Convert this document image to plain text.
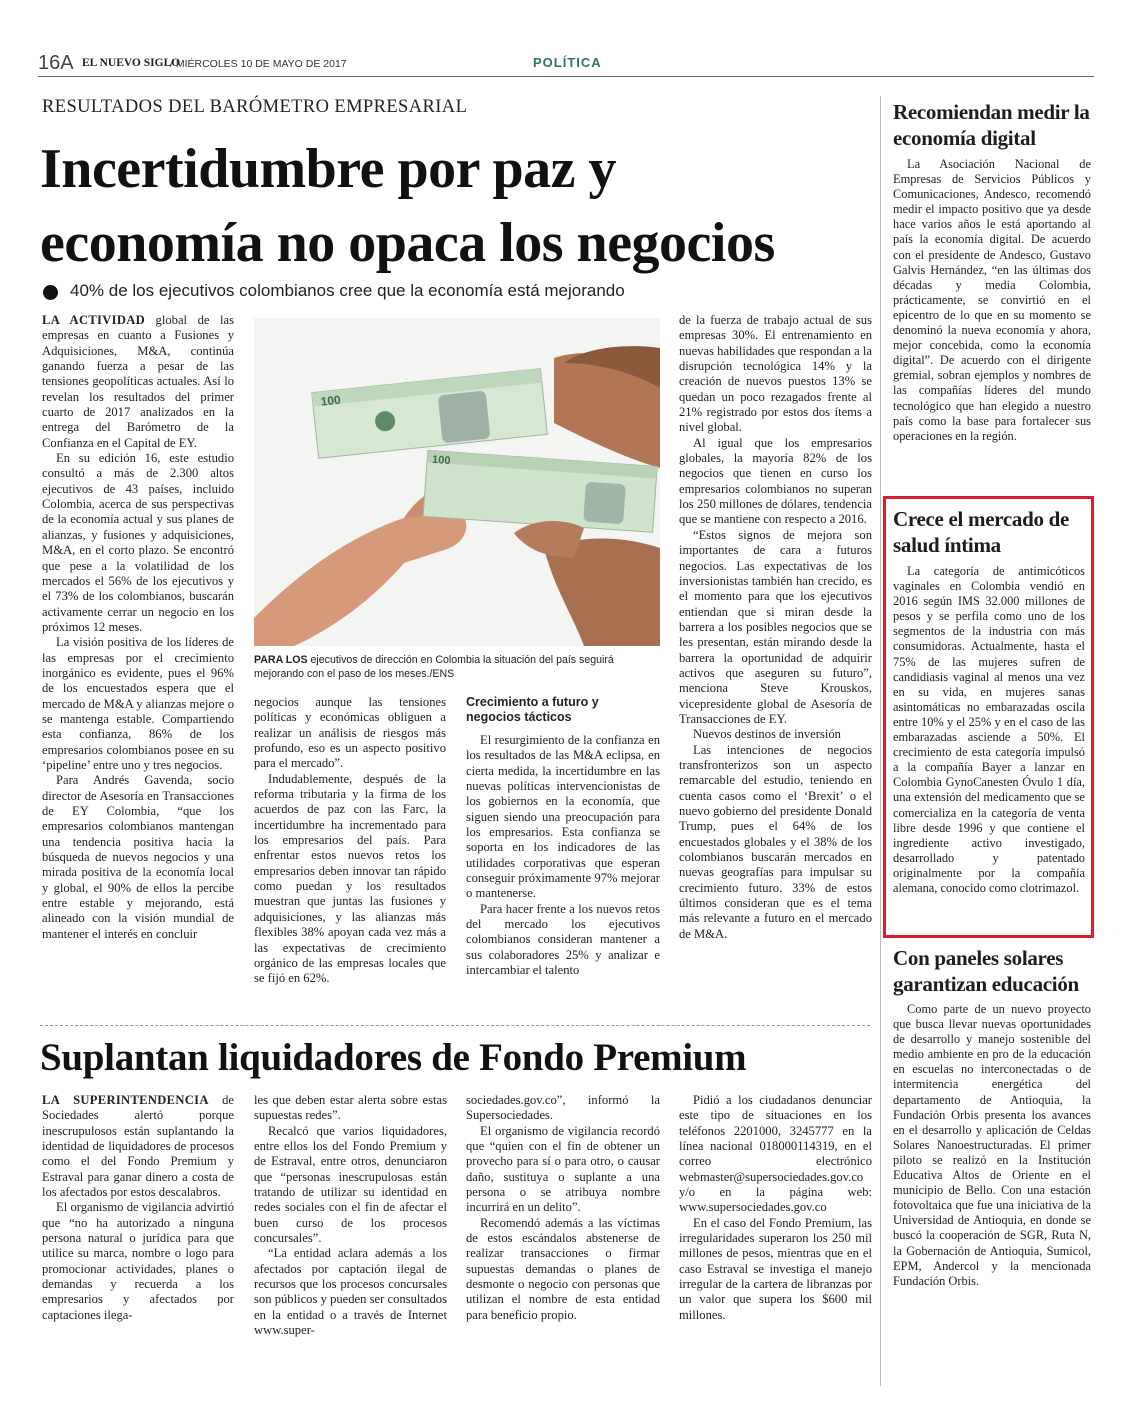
16A EL NUEVO SIGLO
/ MIÉRCOLES 10 DE MAYO DE 2017	POLÍTICA
RESULTADOS DEL BARÓMETRO EMPRESARIAL
Incertidumbre por paz y
economía no opaca los negocios
40% de los ejecutivos colombianos cree que la economía está mejorando

LA ACTIVIDAD global de las empresas en cuanto a Fusiones y Adquisiciones, M&A, continúa ganando fuerza a pesar de las tensiones geopolíticas actuales. Así lo revelan los resultados del primer cuarto de 2017 analizados en la entrega del Barómetro de la Confianza en el Capital de EY.

En su edición 16, este estudio consultó a más de 2.300 altos ejecutivos de 43 países, incluido Colombia, acerca de sus perspectivas de la economía actual y sus planes de alianzas, y fusiones y adquisiciones, M&A, en el corto plazo. Se encontró que pese a la volatilidad de los mercados el 56% de los ejecutivos y el 73% de los colombianos, buscarán activamente cerrar un negocio en los próximos 12 meses.

La visión positiva de los líderes de las empresas por el crecimiento inorgánico es evidente, pues el 96% de los encuestados espera que el mercado de M&A y alianzas mejore o se mantenga estable. Compartiendo esta confianza, 86% de los empresarios colombianos posee en su ‘pipeline’ entre uno y tres negocios.

Para Andrés Gavenda, socio director de Asesoría en Transacciones de EY Colombia, “que los empresarios colombianos mantengan una tendencia positiva hacia la búsqueda de nuevos negocios y una mirada positiva de la economía local y global, el 90% de ellos la percibe entre estable y mejorando, está alineado con la visión mundial de mantener el interés en concluir

100
100
PARA LOS ejecutivos de dirección en Colombia la situación del país seguirá mejorando con el paso de los meses./ENS

negocios aunque las tensiones políticas y económicas obliguen a realizar un análisis de riesgos más profundo, eso es un aspecto positivo para el mercado”.

Indudablemente, después de la reforma tributaria y la firma de los acuerdos de paz con las Farc, la incertidumbre ha incrementado para los empresarios del país. Para enfrentar estos nuevos retos los empresarios deben innovar tan rápido como puedan y los resultados muestran que juntas las fusiones y adquisiciones, y las alianzas más flexibles 38% apoyan cada vez más a las expectativas de crecimiento orgánico de las empresas locales que se fijó en 62%.

Crecimiento a futuro y negocios tácticos

El resurgimiento de la confianza en los resultados de las M&A eclipsa, en cierta medida, la incertidumbre en las nuevas políticas intervencionistas de los gobiernos en la economía, que siguen siendo una preocupación para los empresarios. Esta confianza se soporta en los indicadores de las utilidades corporativas que esperan conseguir próximamente 97% mejorar o mantenerse.

Para hacer frente a los nuevos retos del mercado los ejecutivos colombianos consideran mantener a sus colaboradores 25% y analizar e intercambiar el talento

de la fuerza de trabajo actual de sus empresas 30%. El entrenamiento en nuevas habilidades que respondan a la disrupción tecnológica 14% y la creación de nuevos puestos 13% se quedan un poco rezagados frente al 21% registrado por estos dos ítems a nivel global.

Al igual que los empresarios globales, la mayoría 82% de los negocios que tienen en curso los empresarios colombianos no superan los 250 millones de dólares, tendencia que se mantiene con respecto a 2016.

“Estos signos de mejora son importantes de cara a futuros negocios. Las expectativas de los inversionistas también han crecido, es el momento para que los ejecutivos entiendan que si miran desde la barrera a los posibles negocios que se les presentan, están mirando desde la barrera la oportunidad de adquirir activos que aseguren su futuro”, menciona Steve Krouskos, vicepresidente global de Asesoría de Transacciones de EY.

Nuevos destinos de inversión

Las intenciones de negocios transfronterizos son un aspecto remarcable del estudio, teniendo en cuenta casos como el ‘Brexit’ o el nuevo gobierno del presidente Donald Trump, pues el 64% de los encuestados globales y el 38% de los colombianos buscarán mercados en nuevas geografías para impulsar su crecimiento futuro. 33% de estos últimos consideran que es el tema más relevante a futuro en el mercado de M&A.

Suplantan liquidadores de Fondo Premium

LA SUPERINTENDENCIA de Sociedades alertó porque inescrupulosos están suplantando la identidad de liquidadores de procesos como el del Fondo Premium y Estraval para ganar dinero a costa de los afectados por estos descalabros.

El organismo de vigilancia advirtió que “no ha autorizado a ninguna persona natural o jurídica para que utilice su marca, nombre o logo para promocionar actividades, planes o demandas y recuerda a los empresarios y afectados por captaciones ilega-

les que deben estar alerta sobre estas supuestas redes”.

Recalcó que varios liquidadores, entre ellos los del Fondo Premium y de Estraval, entre otros, denunciaron que “personas inescrupulosas están tratando de utilizar su identidad en redes sociales con el fin de afectar el buen curso de los procesos concursales”.

“La entidad aclara además a los afectados por captación ilegal de recursos que los procesos concursales son públicos y pueden ser consultados en la entidad o a través de Internet www.super-

sociedades.gov.co”, informó la Supersociedades.

El organismo de vigilancia recordó que “quien con el fin de obtener un provecho para sí o para otro, o causar daño, sustituya o suplante a una persona o se atribuya nombre incurrirá en un delito”.

Recomendó además a las víctimas de estos escándalos abstenerse de realizar transacciones o firmar supuestas demandas o planes de desmonte o negocio con personas que utilizan el nombre de esta entidad para beneficio propio.

Pidió a los ciudadanos denunciar este tipo de situaciones en los teléfonos 2201000, 3245777 en la línea nacional 018000114319, en el correo electrónico webmaster@supersociedades.gov.co y/o en la página web: www.supersociedades.gov.co

En el caso del Fondo Premium, las irregularidades superaron los 250 mil millones de pesos, mientras que en el caso Estraval se investiga el manejo irregular de la cartera de libranzas por un valor que supera los $600 mil millones.

Recomiendan medir la economía digital

La Asociación Nacional de Empresas de Servicios Públicos y Comunicaciones, Andesco, recomendó medir el impacto positivo que ya desde hace varios años le está aportando al país la economía digital. De acuerdo con el presidente de Andesco, Gustavo Galvis Hernández, “en las últimas dos décadas y media Colombia, prácticamente, se convirtió en el epicentro de lo que en su momento se denominó la nueva economía y ahora, mejor concebida, como la economía digital”. De acuerdo con el dirigente gremial, sobran ejemplos y nombres de las compañías líderes del mundo tecnológico que han elegido a nuestro país como la base para fortalecer sus operaciones en la región.

Crece el mercado de salud íntima

La categoría de antimicóticos vaginales en Colombia vendió en 2016 según IMS 32.000 millones de pesos y se perfila como uno de los segmentos de la industria con más consumidoras. Actualmente, hasta el 75% de las mujeres sufren de candidiasis vaginal al menos una vez en su vida, en mujeres sanas asintomáticas no embarazadas oscila entre 10% y el 25% y en el caso de las embarazadas asciende a 50%. El crecimiento de esta categoría impulsó a la compañía Bayer a lanzar en Colombia GynoCanesten Óvulo 1 día, una extensión del medicamento que se comercializa en la categoría de venta libre desde 1996 y que contiene el ingrediente activo investigado, desarrollado y patentado originalmente por la compañía alemana, conocido como clotrimazol.

Con paneles solares garantizan educación

Como parte de un nuevo proyecto que busca llevar nuevas oportunidades de desarrollo y manejo sostenible del medio ambiente en pro de la educación en escuelas no interconectadas o de intermitencia energética del departamento de Antioquia, la Fundación Orbis presenta los avances en el desarrollo y aplicación de Celdas Solares Nanoestructuradas. El primer piloto se realizó en la Institución Educativa Altos de Oriente en el municipio de Bello. Con una estación fotovoltaica que fue una iniciativa de la Universidad de Antioquia, en donde se buscó la cooperación de SGR, Ruta N, la Gobernación de Antioquia, Sumicol, EPM, Andercol y la mencionada Fundación Orbis.
